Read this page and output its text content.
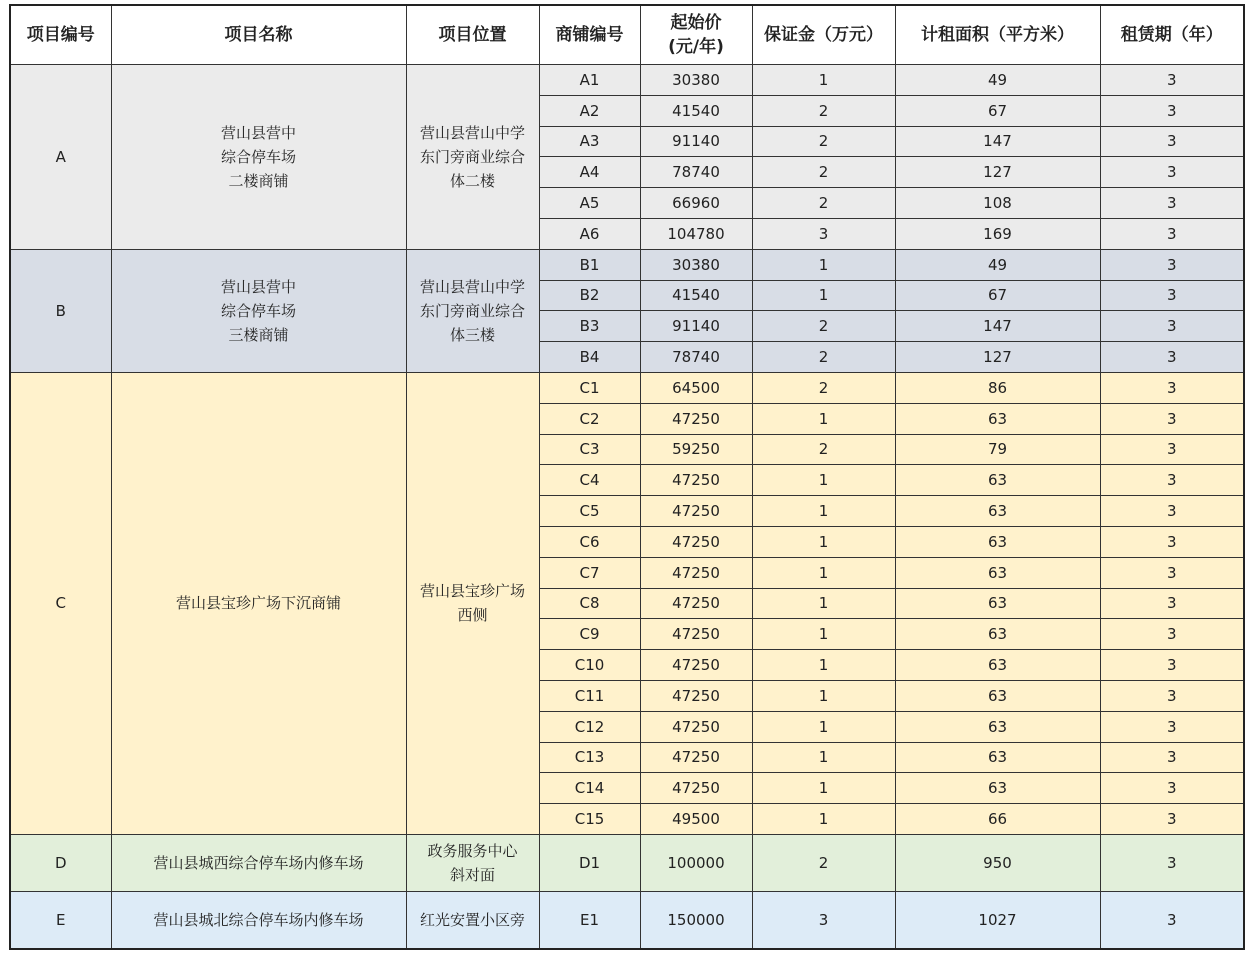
项目编号	项目名称	项目位置	商铺编号	起始价
(元/年)	保证金（万元）	计租面积（平方米）	租赁期（年）
A	营山县营中
综合停车场
二楼商铺	营山县营山中学
东门旁商业综合
体二楼	A1	30380	1	49	3
			A2	41540	2	67	3
			A3	91140	2	147	3
			A4	78740	2	127	3
			A5	66960	2	108	3
			A6	104780	3	169	3
B	营山县营中
综合停车场
三楼商铺	营山县营山中学
东门旁商业综合
体三楼	B1	30380	1	49	3
			B2	41540	1	67	3
			B3	91140	2	147	3
			B4	78740	2	127	3
C	营山县宝珍广场下沉商铺	营山县宝珍广场
西侧	C1	64500	2	86	3
			C2	47250	1	63	3
			C3	59250	2	79	3
			C4	47250	1	63	3
			C5	47250	1	63	3
			C6	47250	1	63	3
			C7	47250	1	63	3
			C8	47250	1	63	3
			C9	47250	1	63	3
			C10	47250	1	63	3
			C11	47250	1	63	3
			C12	47250	1	63	3
			C13	47250	1	63	3
			C14	47250	1	63	3
			C15	49500	1	66	3
D	营山县城西综合停车场内修车场	政务服务中心
斜对面	D1	100000	2	950	3
E	营山县城北综合停车场内修车场	红光安置小区旁	E1	150000	3	1027	3
